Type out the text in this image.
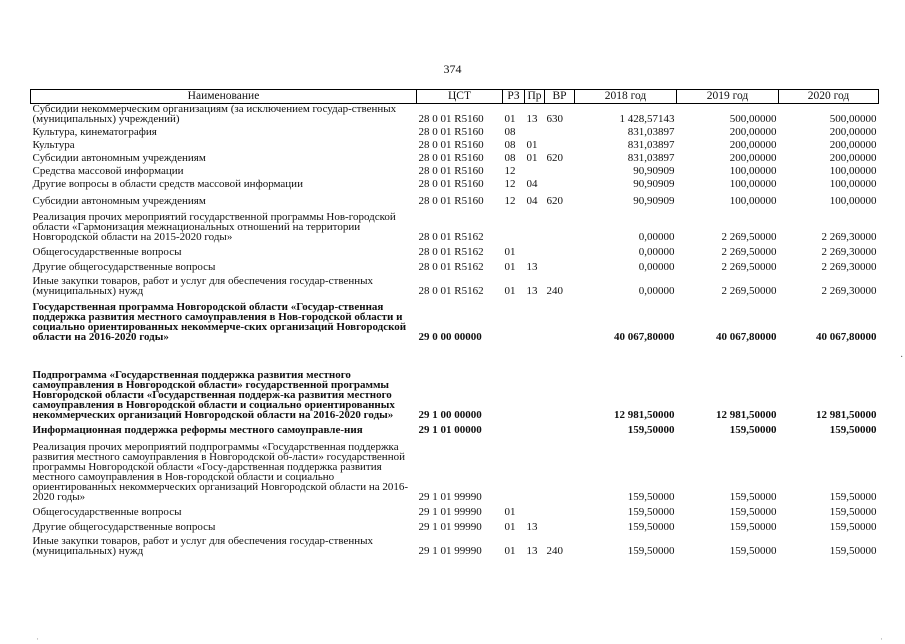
374
Наименование	ЦСТ	РЗ	Пр	ВР	2018 год	2019 год	2020 год
Субсидии некоммерческим организациям (за исключением государ-ственных (муниципальных) учреждений)	28 0 01 R5160	01	13	630	1 428,57143	500,00000	500,00000
Культура, кинематография	28 0 01 R5160	08			831,03897	200,00000	200,00000
Культура	28 0 01 R5160	08	01		831,03897	200,00000	200,00000
Субсидии автономным учреждениям	28 0 01 R5160	08	01	620	831,03897	200,00000	200,00000
Средства массовой информации	28 0 01 R5160	12			90,90909	100,00000	100,00000
Другие вопросы в области средств массовой информации	28 0 01 R5160	12	04		90,90909	100,00000	100,00000
Субсидии автономным учреждениям	28 0 01 R5160	12	04	620	90,90909	100,00000	100,00000
Реализация прочих мероприятий государственной программы Нов-городской области «Гармонизация межнациональных отношений на территории Новгородской области на 2015-2020 годы»	28 0 01 R5162				0,00000	2 269,50000	2 269,30000
Общегосударственные вопросы	28 0 01 R5162	01			0,00000	2 269,50000	2 269,30000
Другие общегосударственные вопросы	28 0 01 R5162	01	13		0,00000	2 269,50000	2 269,30000
Иные закупки товаров, работ и услуг для обеспечения государ-ственных (муниципальных) нужд	28 0 01 R5162	01	13	240	0,00000	2 269,50000	2 269,30000
Государственная программа Новгородской области «Государ-ственная поддержка развития местного самоуправления в Нов-городской области и социально ориентированных некоммерче-ских организаций Новгородской области на 2016-2020 годы»	29 0 00 00000				40 067,80000	40 067,80000	40 067,80000
Подпрограмма «Государственная поддержка развития местного самоуправления в Новгородской области» государственной программы Новгородской области «Государственная поддерж-ка развития местного самоуправления в Новгородской области и социально ориентированных некоммерческих организаций Новгородской области на 2016-2020 годы»	29 1 00 00000				12 981,50000	12 981,50000	12 981,50000
Информационная поддержка реформы местного самоуправле-ния	29 1 01 00000				159,50000	159,50000	159,50000
Реализация прочих мероприятий подпрограммы «Государственная поддержка развития местного самоуправления в Новгородской об-ласти» государственной программы Новгородской области «Госу-дарственная поддержка развития местного самоуправления в Нов-городской области и социально ориентированных некоммерческих организаций Новгородской области на 2016-2020 годы»	29 1 01 99990				159,50000	159,50000	159,50000
Общегосударственные вопросы	29 1 01 99990	01			159,50000	159,50000	159,50000
Другие общегосударственные вопросы	29 1 01 99990	01	13		159,50000	159,50000	159,50000
Иные закупки товаров, работ и услуг для обеспечения государ-ственных (муниципальных) нужд	29 1 01 99990	01	13	240	159,50000	159,50000	159,50000
·
·	·
